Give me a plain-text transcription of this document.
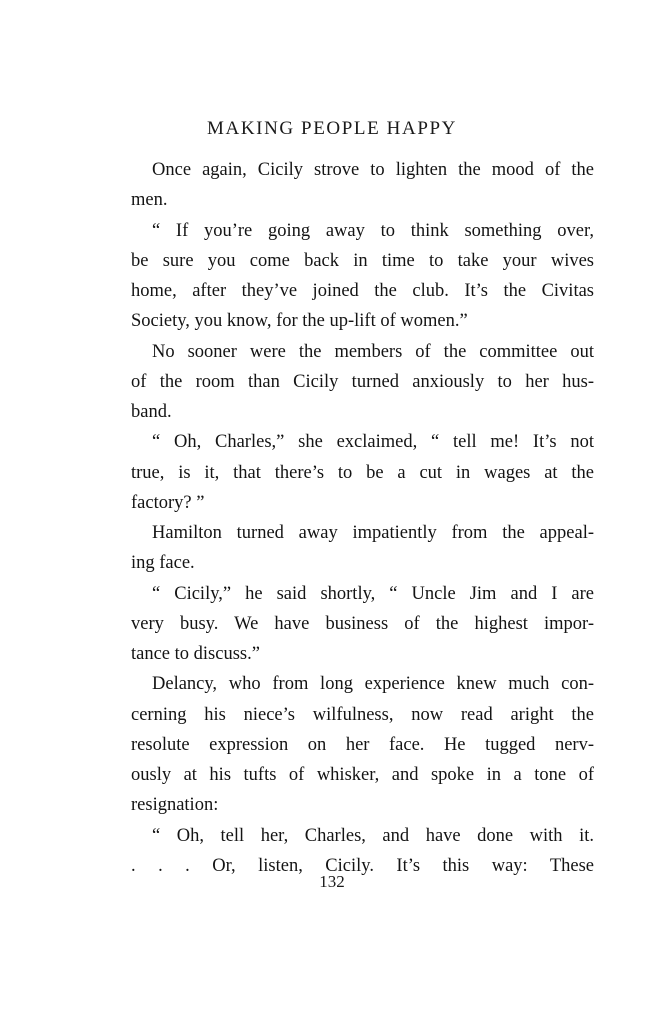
MAKING PEOPLE HAPPY
Once again, Cicily strove to lighten the mood of the
men.
“ If you’re going away to think something over,
be sure you come back in time to take your wives
home, after they’ve joined the club. It’s the Civitas
Society, you know, for the up-lift of women.”
No sooner were the members of the committee out
of the room than Cicily turned anxiously to her hus-
band.
“ Oh, Charles,” she exclaimed, “ tell me! It’s not
true, is it, that there’s to be a cut in wages at the
factory? ”
Hamilton turned away impatiently from the appeal-
ing face.
“ Cicily,” he said shortly, “ Uncle Jim and I are
very busy. We have business of the highest impor-
tance to discuss.”
Delancy, who from long experience knew much con-
cerning his niece’s wilfulness, now read aright the
resolute expression on her face. He tugged nerv-
ously at his tufts of whisker, and spoke in a tone of
resignation:
“ Oh, tell her, Charles, and have done with it.
. . . Or, listen, Cicily. It’s this way: These
132
